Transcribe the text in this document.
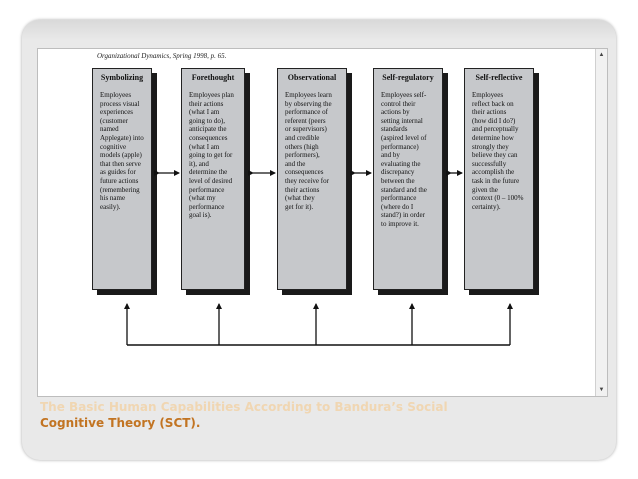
Organizational Dynamics, Spring 1998, p. 65.
Symbolizing
Employees
process visual
experiences
(customer
named
Applegate) into
cognitive
models (apple)
that then serve
as guides for
future actions
(remembering
his name
easily).
Forethought
Employees plan
their actions
(what I am
going to do),
anticipate the
consequences
(what I am
going to get for
it), and
determine the
level of desired
performance
(what my
performance
goal is).
Observational
Employees learn
by observing the
performance of
referent (peers
or supervisors)
and credible
others (high
performers),
and the
consequences
they receive for
their actions
(what they
get for it).
Self-regulatory
Employees self-
control their
actions by
setting internal
standards
(aspired level of
performance)
and by
evaluating the
discrepancy
between the
standard and the
performance
(where do I
stand?) in order
to improve it.
Self-reflective
Employees
reflect back on
their actions
(how did I do?)
and perceptually
determine how
strongly they
believe they can
successfully
accomplish the
task in the future
given the
context (0 – 100%
certainty).
▲
▼
The Basic Human Capabilities According to Bandura’s Social
Cognitive Theory (SCT).
